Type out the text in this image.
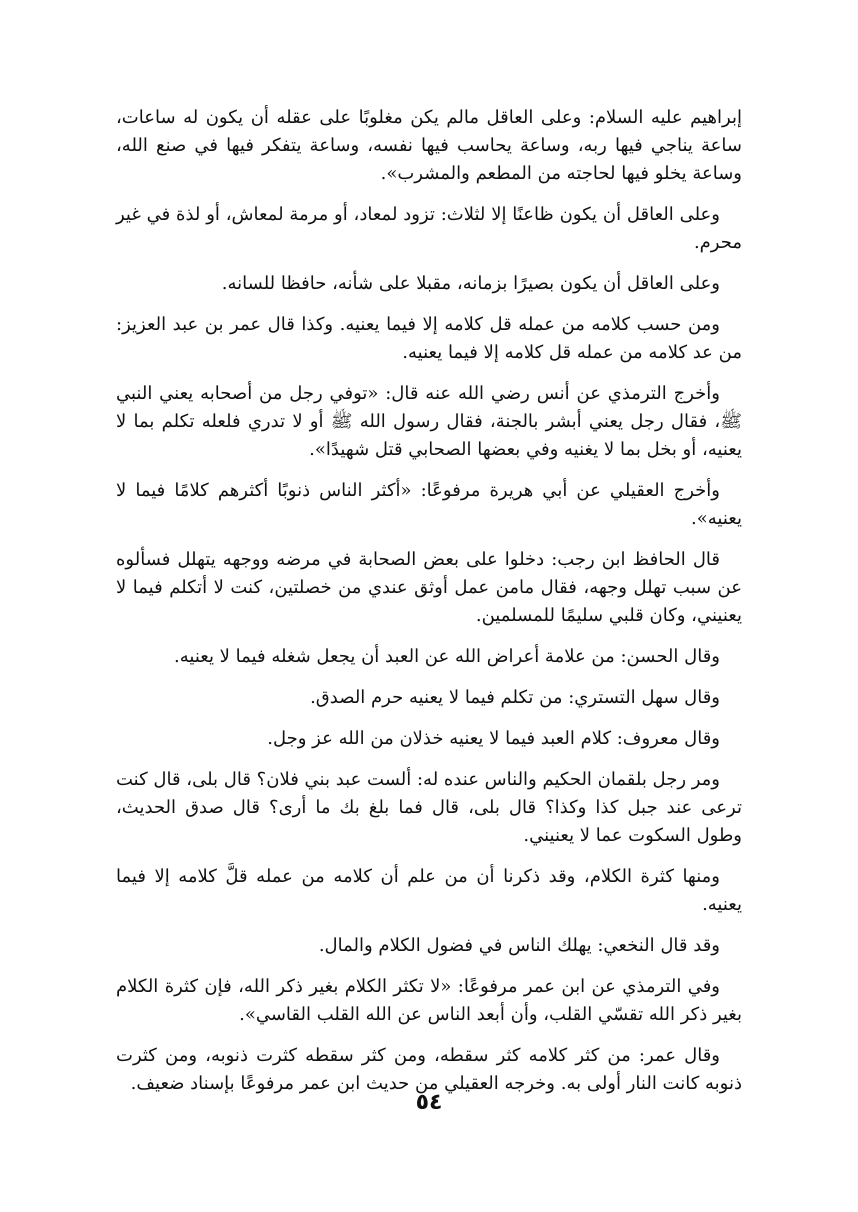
إبراهيم عليه السلام: وعلى العاقل مالم يكن مغلوبًا على عقله أن يكون له ساعات، ساعة يناجي فيها ربه، وساعة يحاسب فيها نفسه، وساعة يتفكر فيها في صنع الله، وساعة يخلو فيها لحاجته من المطعم والمشرب».

وعلى العاقل أن يكون ظاعنًا إلا لثلاث: تزود لمعاد، أو مرمة لمعاش، أو لذة في غير محرم.

وعلى العاقل أن يكون بصيرًا بزمانه، مقبلا على شأنه، حافظا للسانه.

ومن حسب كلامه من عمله قل كلامه إلا فيما يعنيه. وكذا قال عمر بن عبد العزيز: من عد كلامه من عمله قل كلامه إلا فيما يعنيه.

وأخرج الترمذي عن أنس رضي الله عنه قال: «توفي رجل من أصحابه يعني النبي ﷺ، فقال رجل يعني أبشر بالجنة، فقال رسول الله ﷺ أو لا تدري فلعله تكلم بما لا يعنيه، أو بخل بما لا يغنيه وفي بعضها الصحابي قتل شهيدًا».

وأخرج العقيلي عن أبي هريرة مرفوعًا: «أكثر الناس ذنوبًا أكثرهم كلامًا فيما لا يعنيه».

قال الحافظ ابن رجب: دخلوا على بعض الصحابة في مرضه ووجهه يتهلل فسألوه عن سبب تهلل وجهه، فقال مامن عمل أوثق عندي من خصلتين، كنت لا أتكلم فيما لا يعنيني، وكان قلبي سليمًا للمسلمين.

وقال الحسن: من علامة أعراض الله عن العبد أن يجعل شغله فيما لا يعنيه.

وقال سهل التستري: من تكلم فيما لا يعنيه حرم الصدق.

وقال معروف: كلام العبد فيما لا يعنيه خذلان من الله عز وجل.

ومر رجل بلقمان الحكيم والناس عنده له: ألست عبد بني فلان؟ قال بلى، قال كنت ترعى عند جبل كذا وكذا؟ قال بلى، قال فما بلغ بك ما أرى؟ قال صدق الحديث، وطول السكوت عما لا يعنيني.

ومنها كثرة الكلام، وقد ذكرنا أن من علم أن كلامه من عمله قلَّ كلامه إلا فيما يعنيه.

وقد قال النخعي: يهلك الناس في فضول الكلام والمال.

وفي الترمذي عن ابن عمر مرفوعًا: «لا تكثر الكلام بغير ذكر الله، فإن كثرة الكلام بغير ذكر الله تقسّي القلب، وأن أبعد الناس عن الله القلب القاسي».

وقال عمر: من كثر كلامه كثر سقطه، ومن كثر سقطه كثرت ذنوبه، ومن كثرت ذنوبه كانت النار أولى به. وخرجه العقيلي من حديث ابن عمر مرفوعًا بإسناد ضعيف.

٥٤
